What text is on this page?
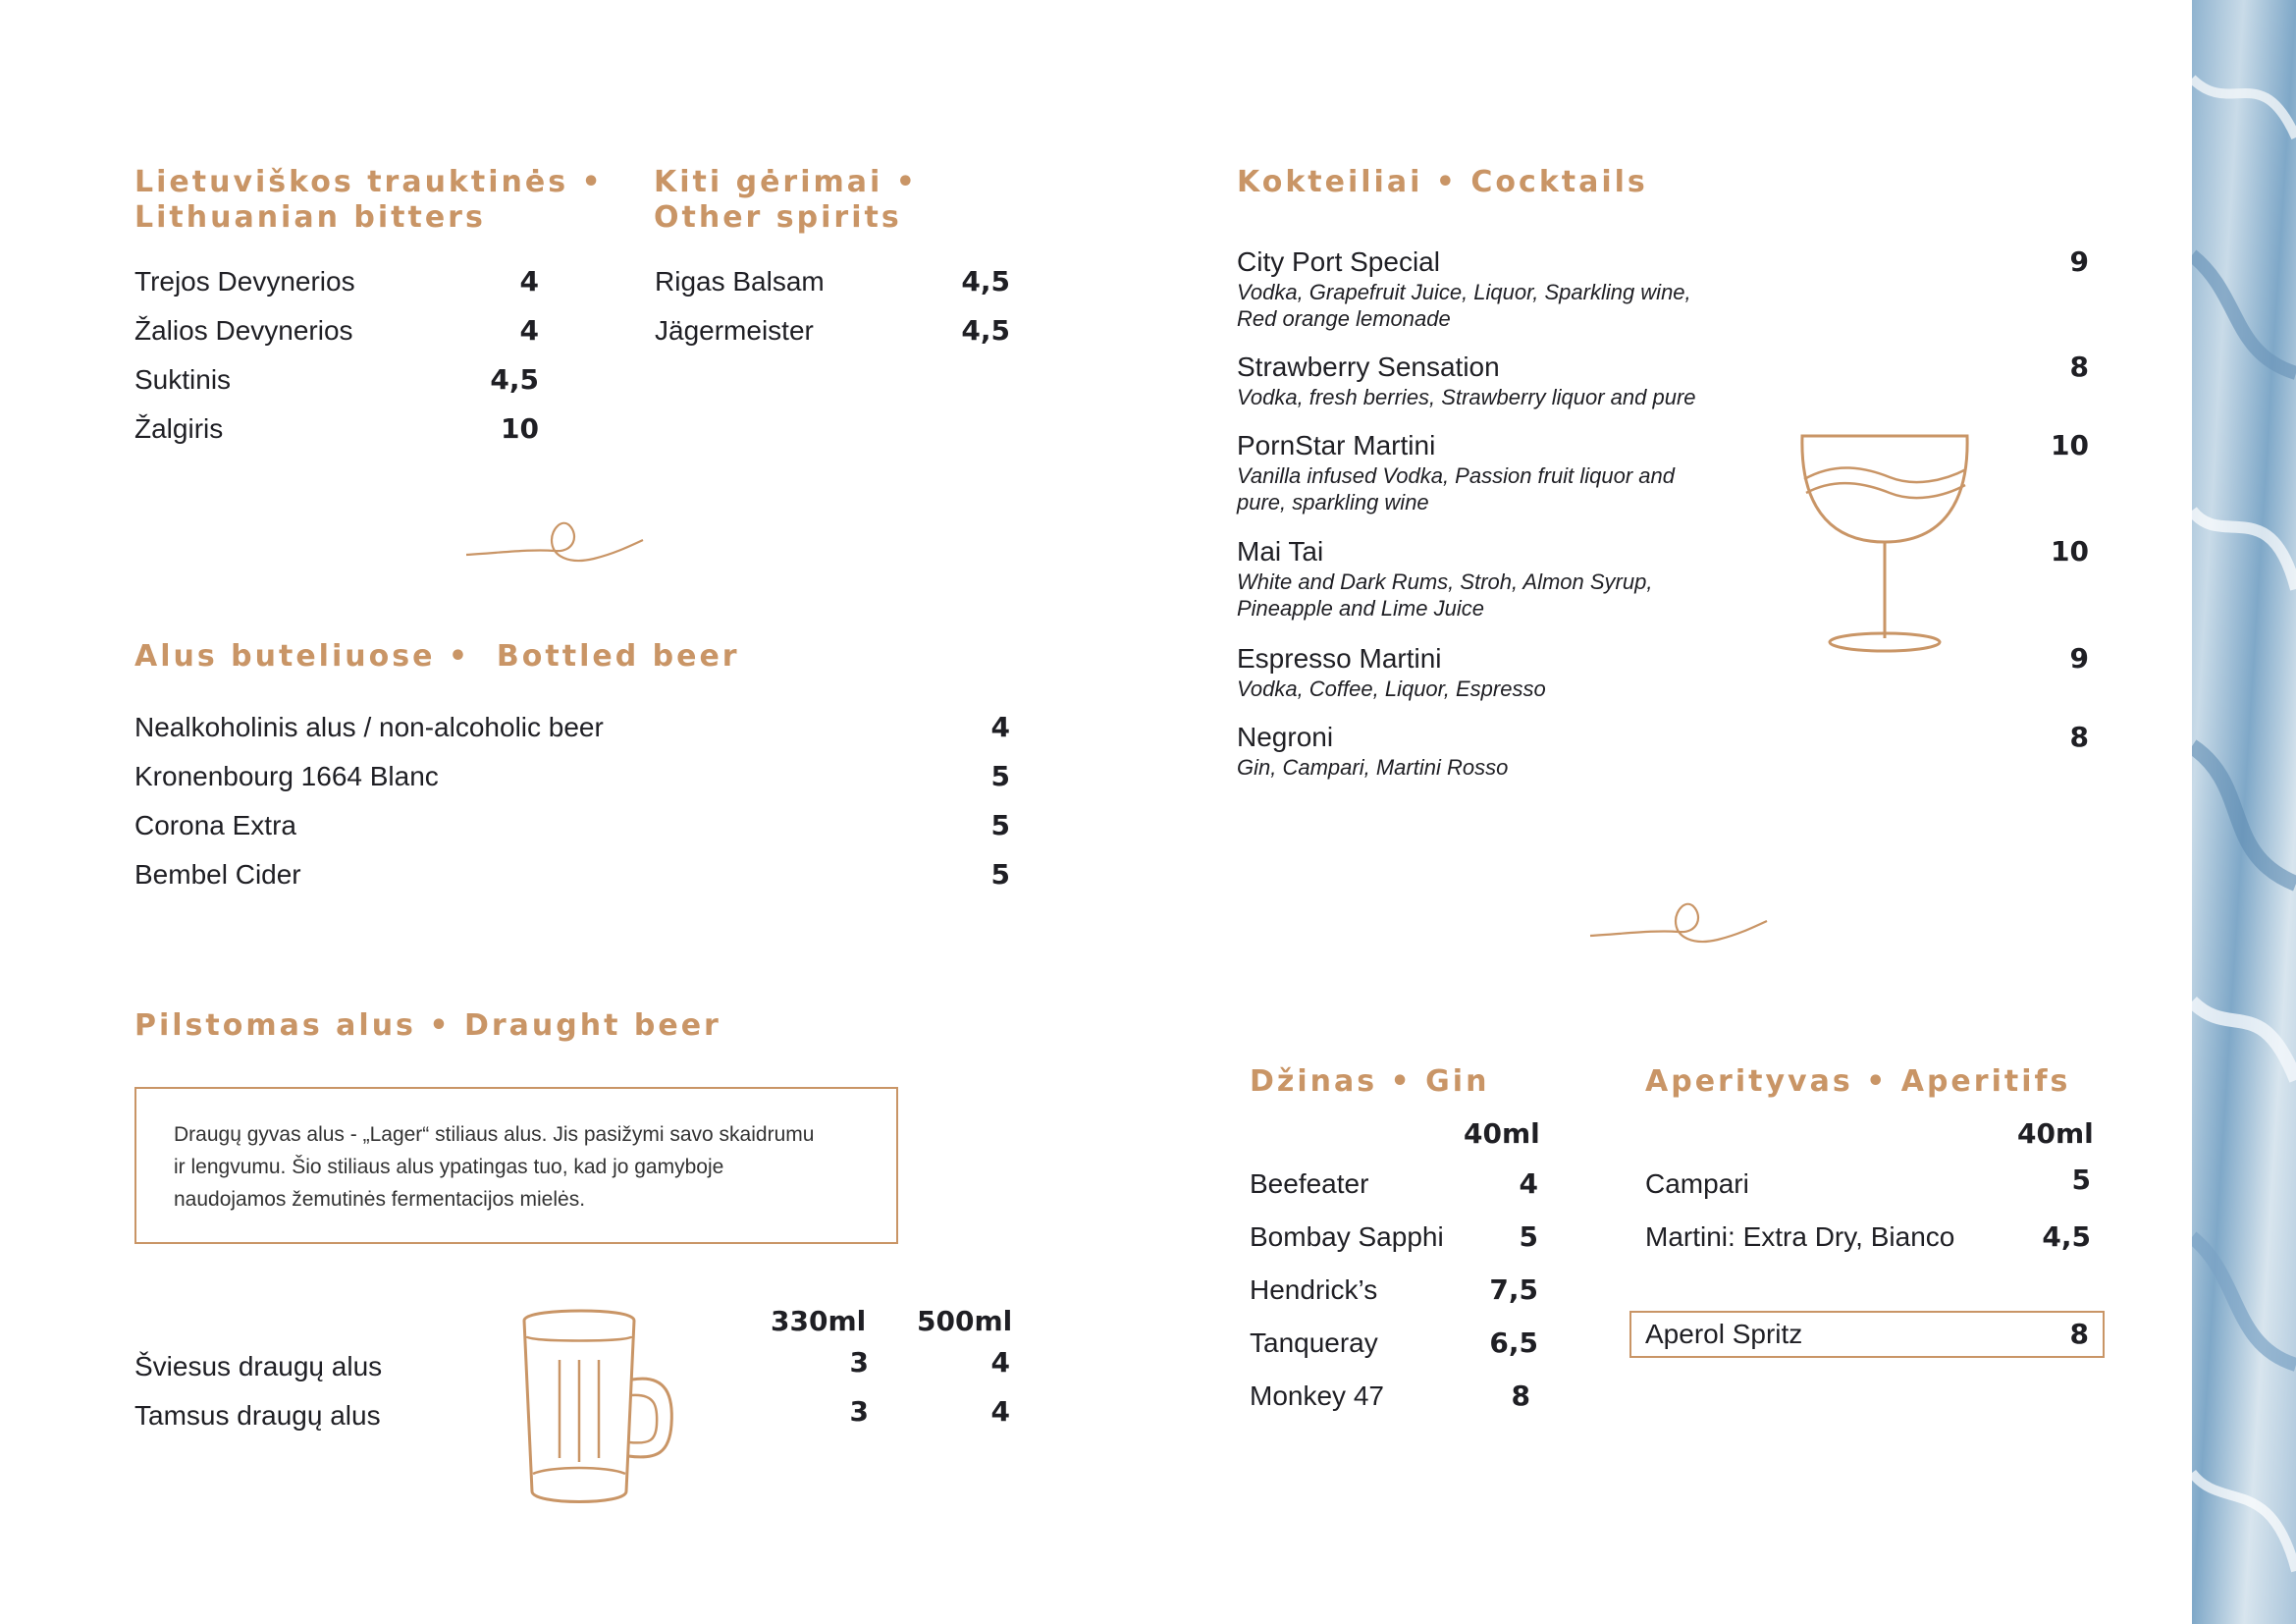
Lietuviškos trauktinės •
Lithuanian bitters
Trejos Devynerios	4
Žalios Devynerios	4
Suktinis	4,5
Žalgiris	10
Kiti gėrimai •
Other spirits
Rigas Balsam	4,5
Jägermeister	4,5
Alus buteliuose •  Bottled beer
Nealkoholinis alus / non-alcoholic beer	4
Kronenbourg 1664 Blanc	5
Corona Extra	5
Bembel Cider	5
Pilstomas alus • Draught beer
Draugų gyvas alus - „Lager“ stiliaus alus. Jis pasižymi savo skaidrumu
ir lengvumu. Šio stiliaus alus ypatingas tuo, kad jo gamyboje
naudojamos žemutinės fermentacijos mielės.
330ml 500ml
Šviesus draugų alus	3	4
Tamsus draugų alus	3	4
Kokteiliai • Cocktails
City Port Special
Vodka, Grapefruit Juice, Liquor, Sparkling wine, Red orange lemonade
9
Strawberry Sensation
Vodka, fresh berries, Strawberry liquor and pure
8
PornStar Martini
Vanilla infused Vodka, Passion fruit liquor and pure, sparkling wine
10
Mai Tai
White and Dark Rums, Stroh, Almon Syrup, Pineapple and Lime Juice
10
Espresso Martini
Vodka, Coffee, Liquor, Espresso
9
Negroni
Gin, Campari, Martini Rosso
8
Džinas • Gin
40ml
Beefeater	4
Bombay Sapphi	5
Hendrick’s	7,5
Tanqueray	6,5
Monkey 47	8
Aperityvas • Aperitifs
40ml
Campari	5
Martini: Extra Dry, Bianco	4,5
Aperol Spritz	8
